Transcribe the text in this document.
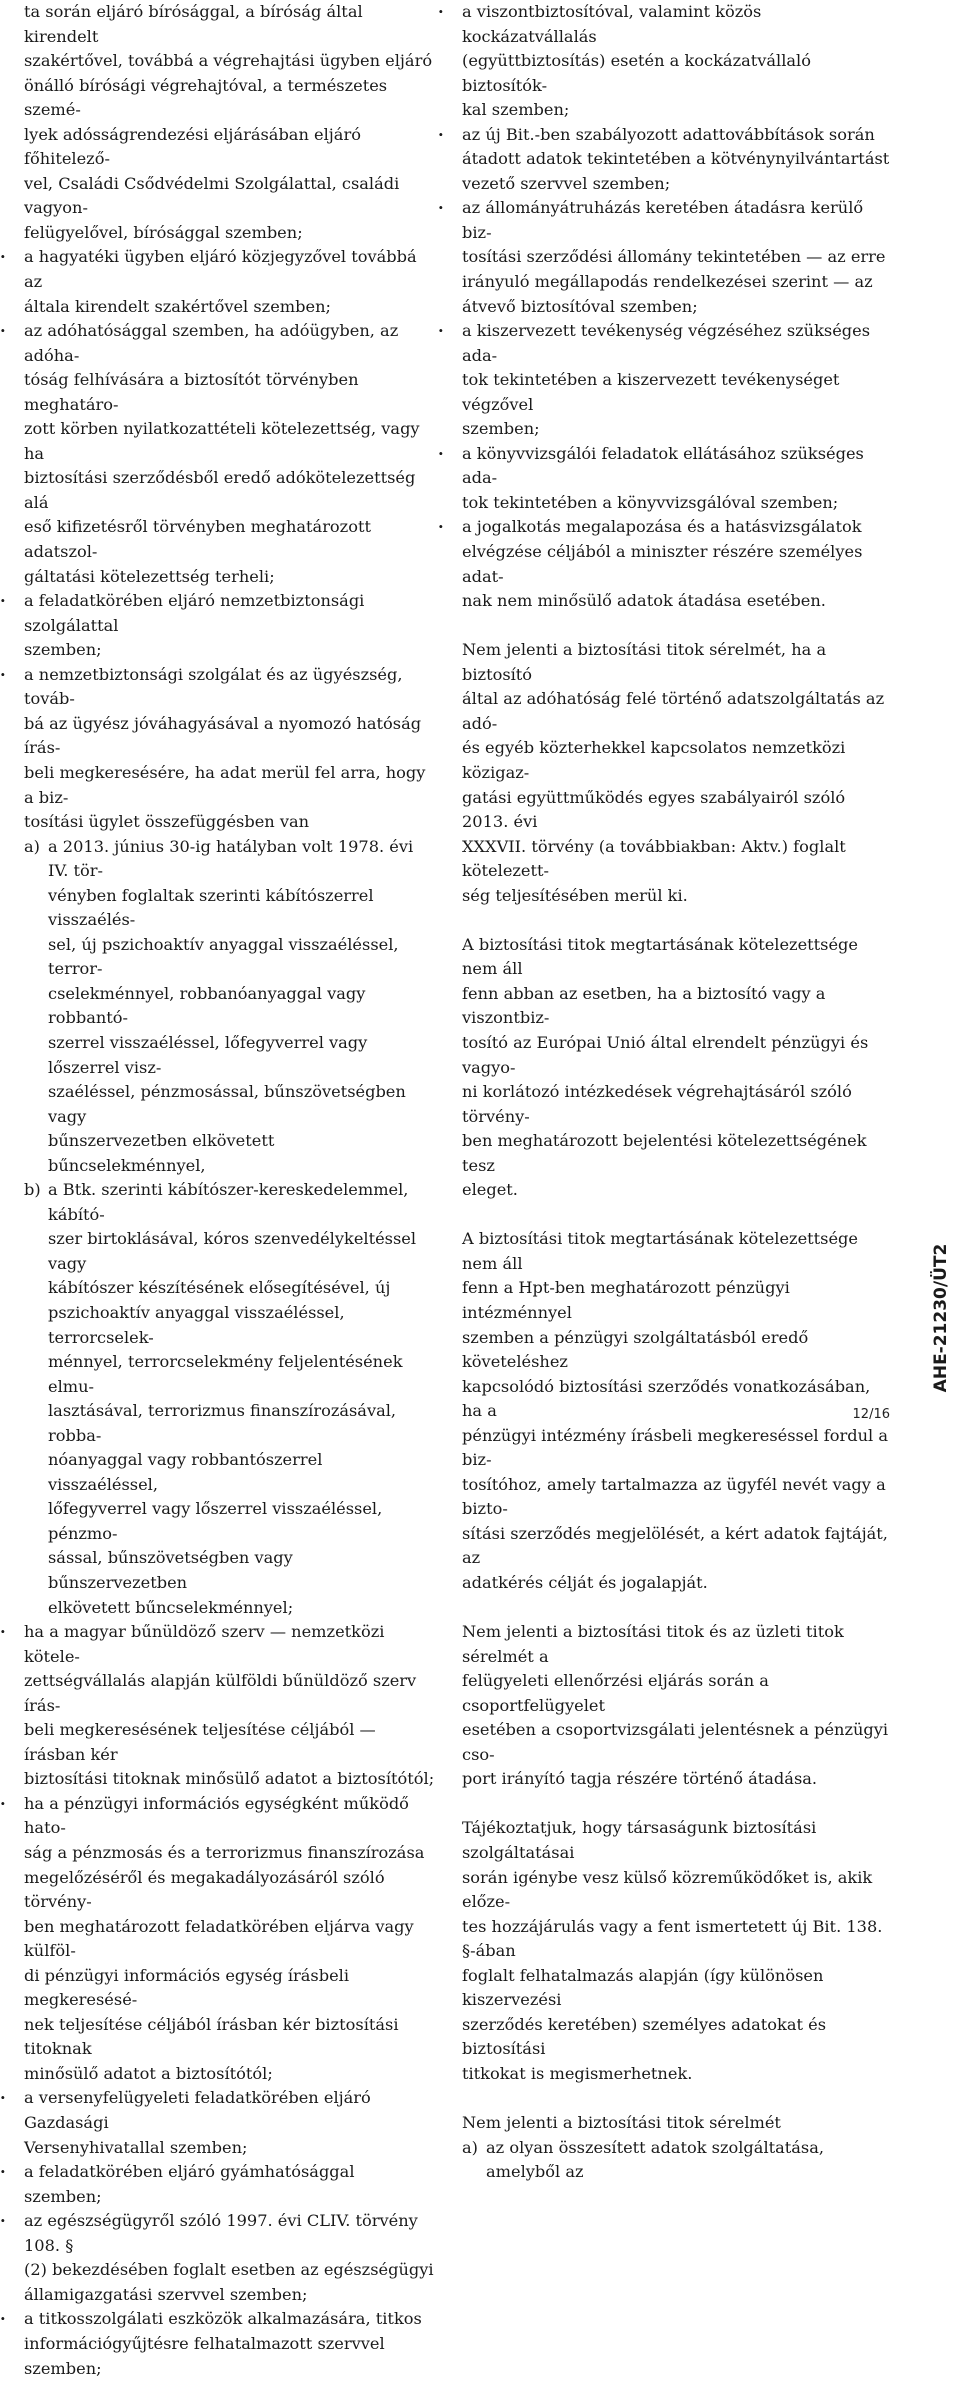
ta során eljáró bírósággal, a bíróság által kirendelt
szakértővel, továbbá a végrehajtási ügyben eljáró
önálló bírósági végrehajtóval, a természetes szemé-
lyek adósságrendezési eljárásában eljáró főhitelező-
vel, Családi Csődvédelmi Szolgálattal, családi vagyon-
felügyelővel, bírósággal szemben;

· a hagyatéki ügyben eljáró közjegyzővel továbbá az
általa kirendelt szakértővel szemben;

· az adóhatósággal szemben, ha adóügyben, az adóha-
tóság felhívására a biztosítót törvényben meghatáro-
zott körben nyilatkozattételi kötelezettség, vagy ha
biztosítási szerződésből eredő adókötelezettség alá
eső kifizetésről törvényben meghatározott adatszol-
gáltatási kötelezettség terheli;

· a feladatkörében eljáró nemzetbiztonsági szolgálattal
szemben;

· a nemzetbiztonsági szolgálat és az ügyészség, továb-
bá az ügyész jóváhagyásával a nyomozó hatóság írás-
beli megkeresésére, ha adat merül fel arra, hogy a biz-
tosítási ügylet összefüggésben van

a) a 2013. június 30-ig hatályban volt 1978. évi IV. tör-
vényben foglaltak szerinti kábítószerrel visszaélés-
sel, új pszichoaktív anyaggal visszaéléssel, terror-
cselekménnyel, robbanóanyaggal vagy robbantó-
szerrel visszaéléssel, lőfegyverrel vagy lőszerrel visz-
szaéléssel, pénzmosással, bűnszövetségben vagy
bűnszervezetben elkövetett bűncselekménnyel,
b) a Btk. szerinti kábítószer-kereskedelemmel, kábító-
szer birtoklásával, kóros szenvedélykeltéssel vagy
kábítószer készítésének elősegítésével, új
pszichoaktív anyaggal visszaéléssel, terrorcselek-
ménnyel, terrorcselekmény feljelentésének elmu-
lasztásával, terrorizmus finanszírozásával, robba-
nóanyaggal vagy robbantószerrel visszaéléssel,
lőfegyverrel vagy lőszerrel visszaéléssel, pénzmo-
sással, bűnszövetségben vagy bűnszervezetben
elkövetett bűncselekménnyel;

· ha a magyar bűnüldöző szerv — nemzetközi kötele-
zettségvállalás alapján külföldi bűnüldöző szerv írás-
beli megkeresésének teljesítése céljából — írásban kér
biztosítási titoknak minősülő adatot a biztosítótól;

· ha a pénzügyi információs egységként működő hato-
ság a pénzmosás és a terrorizmus finanszírozása
megelőzéséről és megakadályozásáról szóló törvény-
ben meghatározott feladatkörében eljárva vagy külföl-
di pénzügyi információs egység írásbeli megkeresésé-
nek teljesítése céljából írásban kér biztosítási titoknak
minősülő adatot a biztosítótól;

· a versenyfelügyeleti feladatkörében eljáró Gazdasági
Versenyhivatallal szemben;

· a feladatkörében eljáró gyámhatósággal szemben;

· az egészségügyről szóló 1997. évi CLIV. törvény 108. §
(2) bekezdésében foglalt esetben az egészségügyi
államigazgatási szervvel szemben;

· a titkosszolgálati eszközök alkalmazására, titkos
információgyűjtésre felhatalmazott szervvel szemben;

· a viszontbiztosítóval, valamint közös kockázatvállalás
(együttbiztosítás) esetén a kockázatvállaló biztosítók-
kal szemben;

· az új Bit.-ben szabályozott adattovábbítások során
átadott adatok tekintetében a kötvénynyilvántartást
vezető szervvel szemben;

· az állományátruházás keretében átadásra kerülő biz-
tosítási szerződési állomány tekintetében — az erre
irányuló megállapodás rendelkezései szerint — az
átvevő biztosítóval szemben;

· a kiszervezett tevékenység végzéséhez szükséges ada-
tok tekintetében a kiszervezett tevékenységet végzővel
szemben;

· a könyvvizsgálói feladatok ellátásához szükséges ada-
tok tekintetében a könyvvizsgálóval szemben;

· a jogalkotás megalapozása és a hatásvizsgálatok
elvégzése céljából a miniszter részére személyes adat-
nak nem minősülő adatok átadása esetében.

Nem jelenti a biztosítási titok sérelmét, ha a biztosító
által az adóhatóság felé történő adatszolgáltatás az adó-
és egyéb közterhekkel kapcsolatos nemzetközi közigaz-
gatási együttműködés egyes szabályairól szóló 2013. évi
XXXVII. törvény (a továbbiakban: Aktv.) foglalt kötelezett-
ség teljesítésében merül ki.

A biztosítási titok megtartásának kötelezettsége nem áll
fenn abban az esetben, ha a biztosító vagy a viszontbiz-
tosító az Európai Unió által elrendelt pénzügyi és vagyo-
ni korlátozó intézkedések végrehajtásáról szóló törvény-
ben meghatározott bejelentési kötelezettségének tesz
eleget.

A biztosítási titok megtartásának kötelezettsége nem áll
fenn a Hpt-ben meghatározott pénzügyi intézménnyel
szemben a pénzügyi szolgáltatásból eredő követeléshez
kapcsolódó biztosítási szerződés vonatkozásában, ha a
pénzügyi intézmény írásbeli megkereséssel fordul a biz-
tosítóhoz, amely tartalmazza az ügyfél nevét vagy a bizto-
sítási szerződés megjelölését, a kért adatok fajtáját, az
adatkérés célját és jogalapját.

Nem jelenti a biztosítási titok és az üzleti titok sérelmét a
felügyeleti ellenőrzési eljárás során a csoportfelügyelet
esetében a csoportvizsgálati jelentésnek a pénzügyi cso-
port irányító tagja részére történő átadása.

Tájékoztatjuk, hogy társaságunk biztosítási szolgáltatásai
során igénybe vesz külső közreműködőket is, akik előze-
tes hozzájárulás vagy a fent ismertetett új Bit. 138. §-ában
foglalt felhatalmazás alapján (így különösen kiszervezési
szerződés keretében) személyes adatokat és biztosítási
titkokat is megismerhetnek.

Nem jelenti a biztosítási titok sérelmét

a) az olyan összesített adatok szolgáltatása, amelyből az
AHE-21230/ÜT2
12/16
